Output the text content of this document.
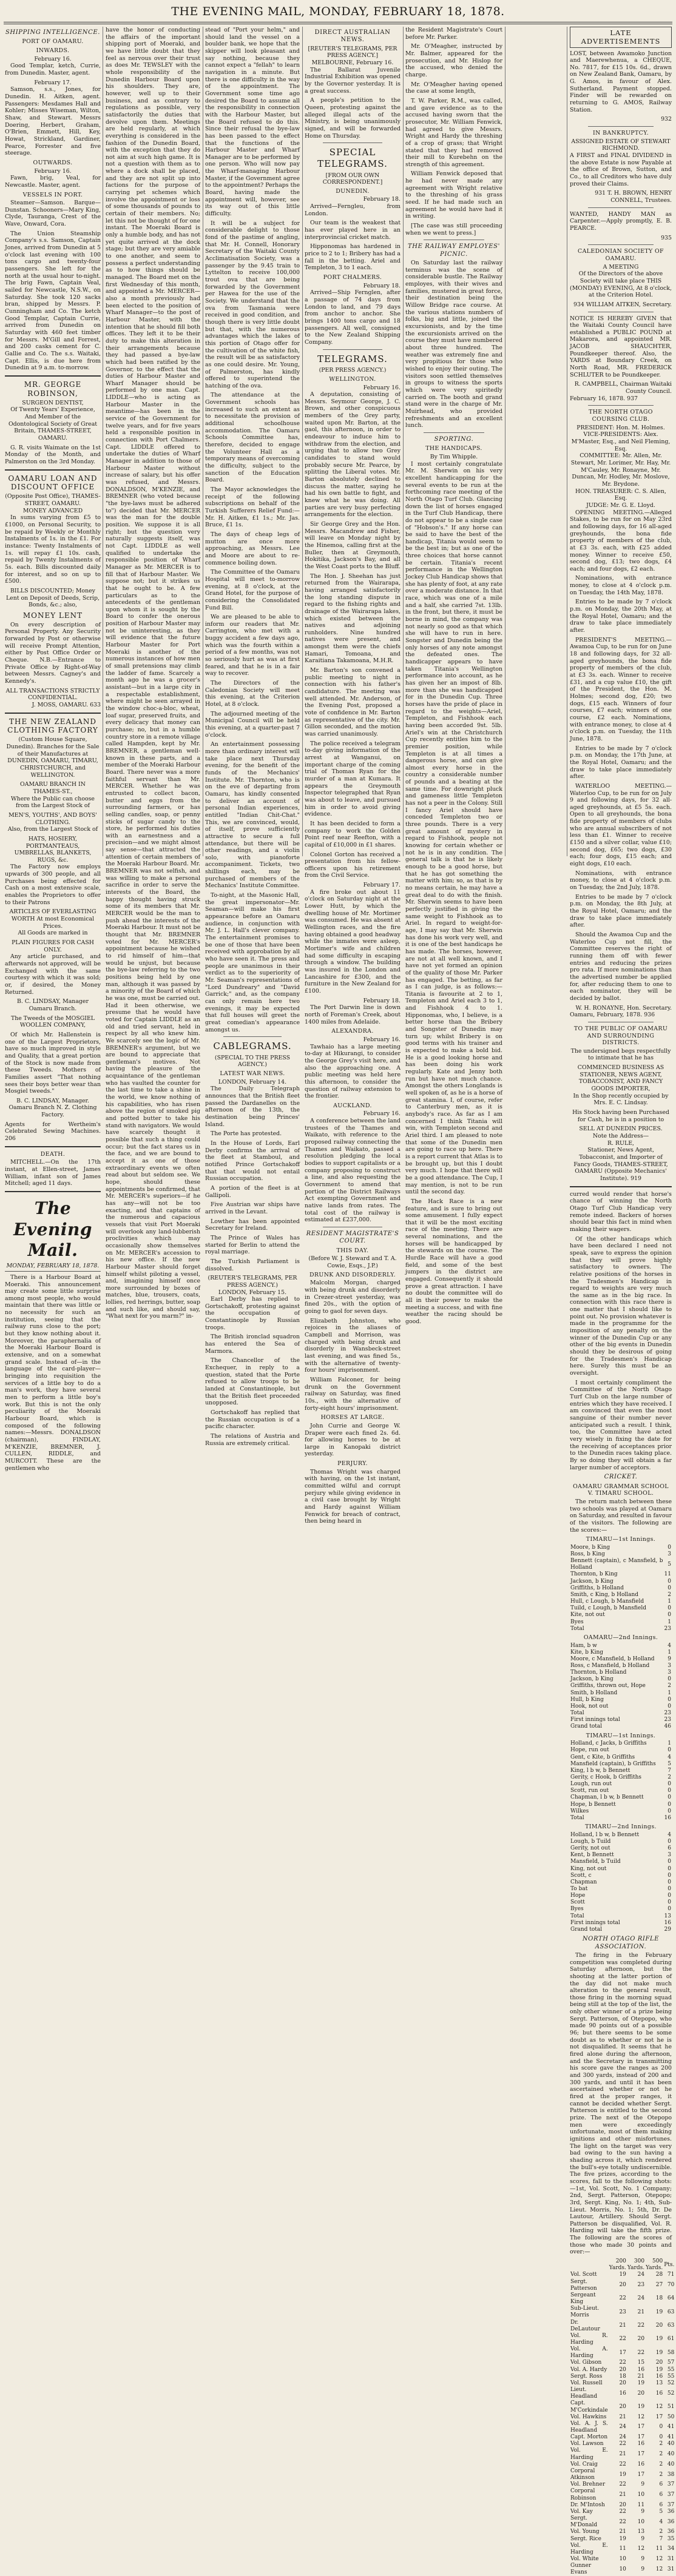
THE EVENING MAIL, MONDAY, FEBRUARY 18, 1878.
SHIPPING INTELLIGENCE.
PORT OF OAMARU.
INWARDS.
February 16.

Good Templar, ketch, Currie, from Dunedin. Master, agent.

February 17.

Samson, s.s., Jones, for Dunedin. H. Aitken, agent. Passengers: Mesdames Hall and Kohler; Misses Wiseman, Wilton, Shaw, and Stewart. Messrs Doering, Herbert, Graham, O'Brien, Emmett, Hill, Key, Howat, Strickland, Gardiner, Pearce, Forrester and five steerage.

OUTWARDS.
February 16.

Fawn, brig, Veal, for Newcastle. Master, agent.

VESSELS IN PORT.

Steamer—Samson. Barque—Dunstan. Schooners—Mary King, Clyde, Tauranga, Crest of the Wave, Onward, Cora.

The Union Steamship Company's s.s. Samson, Captain Jones, arrived from Dunedin at 5 o'clock last evening with 100 tons cargo and twenty-four passengers. She left for the north at the usual hour to-night. The brig Fawn, Captain Veal, sailed for Newcastle, N.S.W., on Saturday. She took 120 sacks bran, shipped by Messrs. P. Cunningham and Co. The ketch Good Templar, Captain Currie, arrived from Dunedin on Saturday with 460 feet timber for Messrs. M'Gill and Forrest, and 200 casks cement for C. Gallie and Co. The s.s. Waitaki, Capt. Ellis, is due here from Dunedin at 9 a.m. to-morrow.

MR. GEORGE ROBINSON,
SURGEON DENTIST,

Of Twenty Years' Experience, And Member of the Odontological Society of Great Britain, THAMES-STREET, OAMARU.

G. R. visits Waimate on the 1st Monday of the Month, and Palmerston on the 3rd Monday.

OAMARU LOAN AND DISCOUNT OFFICE
(Opposite Post Office), THAMES-STREET, OAMARU.
MONEY ADVANCED

In sums varying from £5 to £1000, on Personal Security, to be repaid by Weekly or Monthly Instalments of 1s. in the £1. For instance: Twenty Instalments of 1s. will repay £1 10s. cash, repaid by Twenty Instalments of 5s. each. Bills discounted daily for interest, and so on up to £500.

BILLS DISCOUNTED; Money Lent on Deposit of Deeds, Scrip, Bonds, &c.; also,

MONEY LENT

On every description of Personal Property. Any Security forwarded by Post or otherwise will receive Prompt Attention, either by Post Office Order or Cheque. N.B.—Entrance to Private Office by Right-of-Way between Messrs. Cagney's and Kennedy's.

ALL TRANSACTIONS STRICTLY CONFIDENTIAL.
J. MOSS, OAMARU. 633
THE NEW ZEALAND CLOTHING FACTORY

(Custom House Square, Dunedin). Branches for the Sale of their Manufactures at DUNEDIN, OAMARU, TIMARU, CHRISTCHURCH, and WELLINGTON.

OAMARU BRANCH IN THAMES-ST.,

Where the Public can choose from the Largest Stock of

MEN'S, YOUTHS', AND BOYS' CLOTHING.

Also, from the Largest Stock of

HATS, HOSIERY, PORTMANTEAUS, UMBRELLAS, BLANKETS, RUGS, &c.

The Factory now employs upwards of 300 people, and all Purchases being effected for Cash on a most extensive scale, enables the Proprietors to offer to their Patrons

ARTICLES OF EVERLASTING WORTH At most Economical Prices.

All Goods are marked in

PLAIN FIGURES FOR CASH ONLY.

Any article purchased, and afterwards not approved, will be Exchanged with the same courtesy with which it was sold; or, if desired, the Money Returned.

B. C. LINDSAY, Manager Oamaru Branch.

The Tweeds of the MOSGIEL WOOLLEN COMPANY,

Of which Mr. Hallenstein is one of the Largest Proprietors, have so much improved in style and Quality, that a great portion of the Stock is now made from these Tweeds. Mothers of Families assert "That nothing sees their boys better wear than Mosgiel tweeds."

B. C. LINDSAY, Manager. Oamaru Branch N. Z. Clothing Factory.

Agents for Wertheim's Celebrated Sewing Machines. 206
DEATH.

MITCHELL.—On the 17th instant, at Ellen-street, James William, infant son of James Mitchell; aged 11 days.

The Evening Mail.
MONDAY, FEBRUARY 18, 1878.

There is a Harbour Board at Moeraki. This announcement may create some little surprise among most people, who would maintain that there was little or no necessity for such an institution, seeing that the railway runs close to the port; but they know nothing about it. Moreover, the paraphernalia of the Moeraki Harbour Board is extensive, and on a somewhat grand scale. Instead of—in the language of the card-player—bringing into requisition the services of a little boy to do a man's work, they have several men to perform a little boy's work. But this is not the only peculiarity of the Moeraki Harbour Board, which is composed of the following names:—Messrs. DONALDSON (chairman), FINDLAY, M'KENZIE, BREMNER, J. CULLEN, RIDDLE, and MURCOTT. These are the gentlemen who

have the honor of conducting the affairs of the important shipping port of Moeraki, and we have little doubt that they feel as nervous over their trust as does Mr. TEWSLEY with the whole responsibility of the Dunedin Harbour Board upon his shoulders. They are, however, well up to their business, and as contrary to regulations as possible, very satisfactorily the duties that devolve upon them. Meetings are held regularly, at which everything is considered in the fashion of the Dunedin Board, with the exception that they do not aim at such high game. It is not a question with them as to where a dock shall be placed, and they are not split up into factions for the purpose of carrying pet schemes which involve the appointment or loss of some thousands of pounds to certain of their members. No; let this not be thought of for one instant. The Moeraki Board is only a humble body, and has not yet quite arrived at the dock stage; but they are very amiable to one another, and seem to possess a perfect understanding as to how things should be managed. The Board met on the first Wednesday of this month, and appointed a Mr. MERCER—also a month previously had been elected to the position of Wharf Manager—to the post of Harbour Master, with the intention that he should fill both offices. They left it to be their duty to make this alteration in their arrangements because they had passed a bye-law which had been ratified by the Governor, to the effect that the duties of Harbour Master and Wharf Manager should be performed by one man. Capt. LIDDLE—who is acting as Harbour Master in the meantime—has been in the service of the Government for twelve years, and for five years held a responsible position in connection with Port Chalmers. Capt. LIDDLE offered to undertake the duties of Wharf Manager in addition to those of Harbour Master without increase of salary, but his offer was refused, and Messrs. DONALDSON, M'KENZIE, and BREMNER (who voted because "the bye-laws must be adhered to") decided that Mr. MERCER was the man for the double position. We suppose it is all right; but the question very naturally suggests itself, was not Capt. LIDDLE as well qualified to undertake the responsible position of Wharf Manager as Mr. MERCER is to fill that of Harbour Master. We suppose not; but it strikes us that he ought to be. A few particulars as to the antecedents of the gentleman upon whom it is sought by the Board to confer the onerous position of Harbour Master may not be uninteresting, as they will evidence that the future Harbour Master for Port Moeraki is another of the numerous instances of how men of small pretensions may climb the ladder of fame. Scarcely a month ago he was a grocer's assistant—but in a large city in a respectable establishment, where might be seen arrayed in the window choc-a-bloc, wheat, loaf sugar, preserved fruits, and every delicacy that money can purchase; no, but in a humble country store in a remote village called Hampden, kept by Mr. BREMNER, a gentleman well-known in these parts, and a member of the Moeraki Harbour Board. There never was a more faithful servant than Mr. MERCER. Whether he was entrusted to collect bacon, butter and eggs from the surrounding farmers, or has selling candles, soap, or penny sticks of sugar candy to the store, he performed his duties with an earnestness and a precision—and we might almost say sense—that attracted the attention of certain members of the Moeraki Harbour Board. Mr. BREMNER was not selfish, and was willing to make a personal sacrifice in order to serve the interests of the Board, the happy thought having struck some of its members that Mr. MERCER would be the man to push ahead the interests of the Moeraki Harbour. It must not be thought that Mr. BREMNER voted for Mr. MERCER's appointment because he wished to rid himself of him—that would be unjust, but because the bye-law referring to the two positions being held by one man, although it was passed by a minority of the Board of which he was one, must be carried out. Had it been otherwise, we presume that he would have voted for Captain LIDDLE as an old and tried servant, held in respect by all who knew him. We scarcely see the logic of Mr. BREMNER's argument, but we are bound to appreciate that gentleman's motives. Not having the pleasure of the acquaintance of the gentleman who has vaulted the counter for the last time to take a shine in the world, we know nothing of his capabilities, who has risen above the region of smoked pig and potted butter to take his stand with navigators. We would have scarcely thought it possible that such a thing could occur; but the fact stares us in the face, and we are bound to accept it as one of those extraordinary events we often read about but seldom see. We hope, should these appointments be confirmed, that Mr. MERCER's superiors—if he has any—will not be too exacting, and that captains of the numerous and capacious vessels that visit Port Moeraki will overlook any land-lubberish proclivities which may occasionally show themselves on Mr. MERCER's accession to his new office. If the new Harbour Master should forget himself whilst piloting a vessel, and, imagining himself once more surrounded by boxes of matches, blue, trousers, coats, lollies, red herrings, butter, soap and such like, and should say, "What next for you marm?" in-

stead of "Port your helm," and should land the vessel on a boulder bank, we hope that the skipper will look pleasant and say nothing, because they cannot expect a "fellah" to learn navigation in a minute. But there is one difficulty in the way of the appointment. The Government some time ago desired the Board to assume all the responsibility in connection with the Harbour Master, but the Board refused to do this. Since their refusal the bye-law has been passed to the effect that the functions of the Harbour Master and Wharf Manager are to be performed by one person. Who will now pay the Wharf-managing Harbour Master, if the Government agree to the appointment? Perhaps the Board, having made the appointment will, however, see its way out of this little difficulty.

It will be a subject for considerable delight to those fond of the pastime of angling, that Mr. H. Connell, Honorary Secretary of the Waitaki County Acclimatisation Society, was a passenger by the 9.45 train to Lyttelton to receive 100,000 trout ova that are being forwarded by the Government per Hawea for the use of the Society. We understand that the ova from Tasmania were received in good condition, and though there is very little doubt but that, with the numerous advantages which the lakes of this portion of Otago offer for the cultivation of the white fish, the result will be as satisfactory as one could desire. Mr. Young, of Palmerston, has kindly offered to superintend the hatching of the ova.

The attendance at the Government schools has increased to such an extent as to necessitate the provision of additional schoolhouse accommodation. The Oamaru Schools Committee has, therefore, decided to engage the Volunteer Hall as a temporary means of overcoming the difficulty, subject to the sanction of the Education Board.

The Mayor acknowledges the receipt of the following subscriptions on behalf of the Turkish Sufferers Relief Fund:—Mr. H. Aitken, £1 1s.; Mr. Jas. Bruce, £1 1s.

The days of cheap legs of mutton are once more approaching, as Messrs. Lee and Moore are about to re-commence boiling down.

The Committee of the Oamaru Hospital will meet to-morrow evening, at 8 o'clock, at the Grand Hotel, for the purpose of considering the Consolidated Fund Bill.

We are pleased to be able to inform our readers that Mr. Carrington, who met with a buggy accident a few days ago, which was the fourth within a period of a few months, was not so seriously hurt as was at first feared, and that he is in a fair way to recover.

The Directors of the Caledonian Society will meet this evening, at the Criterion Hotel, at 8 o'clock.

The adjourned meeting of the Municipal Council will be held this evening, at a quarter-past 7 o'clock.

An entertainment possessing more than ordinary interest will take place next Thursday evening, for the benefit of the funds of the Mechanics' Institute. Mr. Thornton, who is on the eve of departing from Oamaru, has kindly consented to deliver an account of personal Indian experiences, entitled "Indian Chit-Chat." This, we are convinced, would, of itself, prove sufficiently attractive to secure a full attendance, but there will be other readings, and a violin solo, with pianoforte accompaniment. Tickets, two shillings each, may be purchased of members of the Mechanics' Institute Committee.

To-night, at the Masonic Hall, the great impersonator—Mr. Seaman—will make his first appearance before an Oamaru audience, in conjunction with Mr. J. L. Hall's clever company. The entertainment promises to be one of those that have been received with approbation by all who have seen it. The press and people are unanimous in their verdict as to the superiority of Mr. Seaman's representations of "Lord Dundreary" and "David Garrick;" and, as the company can only remain here two evenings, it may be expected that full houses will greet the great comedian's appearance amongst us.

CABLEGRAMS.
(SPECIAL TO THE PRESS AGENCY.)
LATEST WAR NEWS.
LONDON, February 14.

The Daily Telegraph announces that the British fleet passed the Dardanelles on the afternoon of the 13th, the destination being Princes' Island.

The Porte has protested.

In the House of Lords, Earl Derby confirms the arrival of the fleet at Stamboul, and notified Prince Gortschakoff that that would not entail Russian occupation.

A portion of the fleet is at Gallipoli.

Five Austrian war ships have arrived in the Levant.

Lowther has been appointed Secretary for Ireland.

The Prince of Wales has started for Berlin to attend the royal marriage.

The Turkish Parliament is dissolved.

(REUTER'S TELEGRAMS, PER PRESS AGENCY.)
LONDON, February 15.

Earl Derby has replied to Gortschakoff, protesting against the occupation of Constantinople by Russian troops.

The British ironclad squadron has entered the Sea of Marmora.

The Chancellor of the Exchequer, in reply to a question, stated that the Porte refused to allow troops to be landed at Constantinople, but that the British fleet proceeded unopposed.

Gortschakoff has replied that the Russian occupation is of a pacific character.

The relations of Austria and Russia are extremely critical.

DIRECT AUSTRALIAN NEWS.
[REUTER'S TELEGRAMS, PER PRESS AGENCY.]
MELBOURNE, February 16.

The Ballarat Juvenile Industrial Exhibition was opened by the Governor yesterday. It is a great success.

A people's petition to the Queen, protesting against the alleged illegal acts of the Ministry, is being unanimously signed, and will be forwarded Home on Thursday.

SPECIAL TELEGRAMS.
[FROM OUR OWN CORRESPONDENT.]
DUNEDIN.
February 18.

Arrived—Ferngleu, from London.

Our team is the weakest that has ever played here in an interprovincial cricket match.

Hipponomas has hardened in price to 2 to 1; Bribery has had a fall in the betting. Ariel and Templeton, 3 to 1 each.

PORT CHALMERS.
February 18.

Arrived—Ship Fernglen, after a passage of 74 days from London to land, and 79 days from anchor to anchor. She brings 1400 tons cargo and 18 passengers. All well, consigned to the New Zealand Shipping Company.

TELEGRAMS.
(PER PRESS AGENCY.)
WELLINGTON.
February 16.

A deputation, consisting of Messrs. Seymour George, J. C. Brown, and other conspicuous members of the Grey party, waited upon Mr. Barton, at the gaol, this afternoon, in order to endeavour to induce him to withdraw from the election, and urging that to allow two Grey candidates to stand would probably secure Mr. Pearce, by splitting the Liberal votes. Mr. Barton absolutely declined to discuss the matter, saying he had his own battle to fight, and knew what he was doing. All parties are very busy perfecting arrangements for the election.

Sir George Grey and the Hon. Messrs. Macandrew and Fisher, will leave on Monday night by the Hinemoa, calling first at the Buller, then at Greymouth, Hokitika, Jackson's Bay, and all the West Coast ports to the Bluff.

The Hon. J. Sheehan has just returned from the Wairarapa, having arranged satisfactorily the long standing dispute in regard to the fishing rights and drainage of the Wairarapa lakes, which existed between the natives and adjoining runholders. Nine hundred natives were present, and amongst them were the chiefs Hamari, Tomoana, and Karaitiana Takamoana, M.H.R.

Mr. Barton's son convened a public meeting to night in connection with his father's candidature. The meeting was well attended. Mr. Anderson, of the Evening Post, proposed a vote of confidence in Mr. Barton as representative of the city. Mr. Gillon seconded, and the motion was carried unanimously.

The police received a telegram to-day giving information of the arrest at Wanganui, on important charge of the coming trial of Thomas Ryan for the murder of a man at Kumara. It appears the Greymouth Inspector telegraphed that Ryan was about to leave, and pursued him in order to avoid giving evidence.

It has been decided to form a company to work the Golden Point reef near Reefton, with a capital of £10,000 in £1 shares.

Colonel Gorton has received a presentation from his fellow-officers upon his retirement from the Civil Service.

February 17.

A fire broke out about 11 o'clock on Saturday night at the Lower Hutt, by which the dwelling house of Mr. Mortimer was consumed. He was absent at Wellington races, and the fire having obtained a good headway while the inmates were asleep, Mortimer's wife and children had some difficulty in escaping through a window. The building was insured in the London and Lancashire for £300, and the furniture in the New Zealand for £100.

February 18.

The Port Darwin line is down north of Foreman's Creek, about 1400 miles from Adelaide.

ALEXANDRA.
February 16.

Tawhaio has a large meeting to-day at Hikurangi, to consider the George Grey's visit here, and also the approaching one. A public meeting was held here this afternoon, to consider the question of railway extension to the frontier.

AUCKLAND.
February 16.

A conference between the land trustees of the Thames and Waikato, with reference to the proposed railway connecting the Thames and Waikato, passed a resolution pledging the local bodies to support capitalists or a company proposing to construct a line, and also requesting the Government to amend that portion of the District Railways Act exempting Government and native lands from rates. The total cost of the railway is estimated at £237,000.

RESIDENT MAGISTRATE'S COURT.
THIS DAY.
(Before W. J. Steward and T. A. Cowie, Esqs., J.P.)
DRUNK AND DISORDERLY.

Malcolm Morgan, charged with being drunk and disorderly in Crezer-street yesterday, was fined 20s., with the option of going to gaol for seven days.

Elizabeth Johnston, who rejoices in the aliases of Campbell and Morrison, was charged with being drunk and disorderly in Wansbeck-street last evening, and was fined 5s., with the alternative of twenty-four hours' imprisonment.

William Falconer, for being drunk on the Government railway on Saturday, was fined 10s., with the alternative of forty-eight hours' imprisonment.

HORSES AT LARGE.

John Currie and George W. Draper were each fined 2s. 6d. for allowing horses to be at large in Kanopaki district yesterday.

PERJURY.

Thomas Wright was charged with having, on the 1st instant, committed wilful and corrupt perjury while giving evidence in a civil case brought by Wright and Hardy against William Fenwick for breach of contract, then being heard in

the Resident Magistrate's Court before Mr. Parker.

Mr. O'Meagher, instructed by Mr. Balmer, appeared for the prosecution, and Mr. Hislop for the accused, who denied the charge.

Mr. O'Meagher having opened the case at some length,

T. W. Parker, R.M., was called, and gave evidence as to the accused having sworn that the prosecutor, Mr. William Fenwick, had agreed to give Messrs. Wright and Hardy the threshing of a crop of grass; that Wright stated that they had removed their mill to Kurebehn on the strength of this agreement.

William Fenwick deposed that he had never made any agreement with Wright relative to the threshing of his grass seed. If he had made such an agreement he would have had it in writing.

[The case was still proceeding when we went to press.]

THE RAILWAY EMPLOYES' PICNIC.

On Saturday last the railway terminus was the scene of considerable bustle. The Railway employes, with their wives and families, mustered in great force, their destination being the Willow Bridge race course. At the various stations numbers of folks, big and little, joined the excursionists, and by the time the excursionists arrived on the course they must have numbered about three hundred. The weather was extremely fine and very propitious for those who wished to enjoy their outing. The visitors soon settled themselves in groups to witness the sports which were very spiritedly carried on. The booth and grand stand were in the charge of Mr. Muirhead, who provided refreshments and an excellent lunch.

SPORTING.
THE HANDICAPS.
By Tim Whipple.

I most certainly congratulate Mr. M. Sherwin on his very excellent handicapping for the several events to be run at the forthcoming race meeting of the North Otago Turf Club. Glancing down the list of horses engaged in the Turf Club Handicap, there do not appear to be a single case of "Hobson's." If any horse can be said to have the best of the handicap, Titania would seem to be the best in; but as one of the three choices that horse cannot be certain. Titania's recent performance in the Wellington Jockey Club Handicap shows that she has plenty of foot, at any rate over a moderate distance. In that race, which was one of a mile and a half, she carried 7st. 13lb. in the front, but there, it must be borne in mind, the company was not nearly so good as that which she will have to run in here. Songster and Dunedin being the only horses of any note amongst the defeated ones. The handicapper appears to have taken Titania's Wellington performance into account, as he has given her an impost of 8lb. more than she was handicapped for in the Dunedin Cup. Three horses have the pride of place in regard to the weights—Ariel, Templeton, and Fishhook each having been accorded 9st. 5lb. Ariel's win at the Christchurch Cup recently entitles him to the premier position, while Templeton is at all times a dangerous horse, and can give almost every horse in the country a considerable number of pounds and a beating at the same time. For downright pluck and gameness little Templeton has not a peer in the Colony. Still I fancy Ariel should have conceded Templeton two or three pounds. There is a very great amount of mystery in regard to Fishhook, people not knowing for certain whether or not he is in any condition. The general talk is that he is likely enough to be a good horse, but that he has got something the matter with him; so, as that is by no means certain, he may have a great deal to do with the finish. Mr. Sherwin seems to have been perfectly justified in giving the same weight to Fishhook as to Ariel. In regard to weight-for-age, I may say that Mr. Sherwin has done his work very well, and it is one of the best handicaps he has made. The horses, however, are not at all well known, and I have not yet formed an opinion of the quality of those Mr. Parker has engaged. The betting, as far as I can judge, is as follows:—Titania is favourite at 2 to 1, Templeton and Ariel each 3 to 1, and Fishhook 4 to 1. Hipponomas, who, I believe, is a better horse than the Bribery and Songster of Dunedin may turn up; whilst Bribery is on good terms with his trainer and is expected to make a bold bid. He is a good looking horse and has been doing his work regularly. Kate and Jenny both run but have not much chance. Amongst the others Longlands is well spoken of, as he is a horse of great stamina. I, of course, refer to Canterbury men, as it is anybody's race. As far as I am concerned I think Titania will win, with Templeton second and Ariel third. I am pleased to note that some of the Dunedin men are going to race up here. There is a report current that Atlas is to be brought up, but this I doubt very much. I hope that there will be a good attendance. The Cup, I may mention, is not to be run until the second day.

The Hack Race is a new feature, and is sure to bring out some amusement. I fully expect that it will be the most exciting race of the meeting. There are several nominations, and the horses will be handicapped by the stewards on the course. The Hurdle Race will have a good field, and some of the best jumpers in the district are engaged. Consequently it should prove a great attraction. I have no doubt the committee will do all in their power to make the meeting a success, and with fine weather the racing should be good.

LATE ADVERTISEMENTS

LOST, between Awamoko Junction and Maerewhenua, a CHEQUE, No. 7817, for £15 10s. 6d., drawn on New Zealand Bank, Oamaru, by G. Amos, in favour of Alex. Sutherland. Payment stopped. Finder will be rewarded on returning to G. AMOS, Railway Station.

932
IN BANKRUPTCY.
ASSIGNED ESTATE OF STEWART RICHMOND.

A FIRST and FINAL DIVIDEND in the above Estate is now Payable at the office of Brown, Sutton, and Co., to all Creditors who have duly proved their Claims.

931 T. H. BROWN, HENRY CONNELL, Trustees.

WANTED, HANDY MAN as Carpenter.—Apply promptly, E. B. PEARCE.

935
CALEDONIAN SOCIETY OF OAMARU.
A MEETING

Of the Directors of the above Society will take place THIS (MONDAY) EVENING, At 8 o'clock, at the Criterion Hotel.

934 WILLIAM AITKEN, Secretary.

NOTICE IS HEREBY GIVEN that the Waitaki County Council have established a PUBLIC POUND at Makarora, and appointed MR. JACOB SHAUCHTER, Poundkeeper thereof. Also, the YARDS at Boundary Creek, on North Road, MR. FREDERICK SCHLUTER to be Poundkeeper.

R. CAMPBELL, Chairman Waitaki County Council.
February 16, 1878. 937
THE NORTH OTAGO COURSING CLUB.
PRESIDENT: Hon. M. Holmes.
VICE-PRESIDENTS: Alex. M'Master, Esq., and Neil Fleming, Esq.
COMMITTEE: Mr. Allen, Mr. Stewart, Mr. Lorimer, Mr. Hay, Mr. M'Cauley, Mr. Ronayne, Mr. Duncan, Mr. Hodley, Mr. Moslove, Mr. Brydone.
HON. TREASURER: C. S. Allen, Esq.
JUDGE: Mr. G. E. Lloyd.

OPENING MEETING.—Alleged Stakes, to be run for on May 23rd and following days, for 16 all-aged greyhounds, the bona fide property of members of the club, at £3 3s. each, with £25 added money. Winner to receive £50, second dog, £13; two dogs, £4 each; and four dogs, £2 each.

Nominations, with entrance money, to close at 4 o'clock p.m. on Tuesday, the 14th May, 1878.

Entries to be made by 7 o'clock p.m. on Monday, the 20th May, at the Royal Hotel, Oamaru; and the draw to take place immediately after.

PRESIDENT'S MEETING.—Awamoa Cup, to be run for on June 18 and following days, for 32 all-aged greyhounds, the bona fide property of members of the club, at £3 3s. each. Winner to receive £31, and a cup value £10, the gift of the President, the Hon. M. Holmes; second dog, £20; two dogs, £15 each. Winners of four courses, £7 each; winners of one course, £2 each. Nominations, with entrance money, to close at 4 o'clock p.m. on Tuesday, the 11th June, 1878.

Entries to be made by 7 o'clock p.m. on Monday, the 17th June, at the Royal Hotel, Oamaru; and the draw to take place immediately after.

WATERLOO MEETING.—Waterloo Cup, to be run for on July 9 and following days, for 32 all-aged greyhounds, at £5 5s. each. Open to all greyhounds, the bona fide property of members of clubs who are annual subscribers of not less than £1. Winner to receive £150 and a silver collar, value £10; second dog, £65; two dogs, £30 each; four dogs, £15 each; and eight dogs, £10 each.

Nominations, with entrance money, to close at 4 o'clock p.m. on Tuesday, the 2nd July, 1878.

Entries to be made by 7 o'clock p.m. on Monday, the 8th July, at the Royal Hotel, Oamaru; and the draw to take place immediately after.

Should the Awamoa Cup and the Waterloo Cup not fill, the Committee reserves the right of running them off with fewer entries and reducing the prizes pro rata. If more nominations than the advertised number be applied for, after reducing them to one to each nominator, they will be decided by ballot.

W. H. RONAYNE, Hon. Secretary.
Oamaru, February, 1878. 936
TO THE PUBLIC OF OAMARU AND SURROUNDING DISTRICTS.

The undersigned begs respectfully to intimate that he has

COMMENCED BUSINESS AS
STATIONER, NEWS AGENT, TOBACCONIST, AND FANCY GOODS IMPORTER,

In the Shop recently occupied by Mrs. E. C. Lindsay.

His Stock having been Purchased for Cash, he is in a position to

SELL AT DUNEDIN PRICES.
Note the Address—
R. RULE,
Stationer, News Agent, Tobacconist, and Importer of Fancy Goods, THAMES-STREET, OAMARU (Opposite Mechanics' Institute). 919

curred would render that horse's chance of winning the North Otago Turf Club Handicap very remote indeed. Backers of horses should bear this fact in mind when making their wagers.

Of the other handicaps which have been declared I need not speak, save to express the opinion that they will prove highly satisfactory to owners. The relative positions of the horses in the Tradesmen's Handicap in regard to weights are very much the same as in the big race. In connection with this race there is one matter that I should like to point out. No provision whatever is made in the programme for the imposition of any penalty on the winner of the Dunedin Cup or any other of the big events in Dunedin should they be desirous of going for the Tradesmen's Handicap here. Surely this must be an oversight.

I most certainly compliment the Committee of the North Otago Turf Club on the large number of entries which they have received. I am convinced that even the most sanguine of their number never anticipated such a result. I think, too, the Committee have acted very wisely in fixing the date for the receiving of acceptances prior to the Dunedin races taking place. By so doing they will obtain a far larger number of acceptors.

CRICKET.
OAMARU GRAMMAR SCHOOL V. TIMARU SCHOOL.

The return match between these two schools was played at Oamaru on Saturday, and resulted in favour of the visitors. The following are the scores:—

TIMARU—1st Innings.
Moore, b King	0
Ross, b King	3
Bennett (captain), c Mansfield, b Holland	5
Thornton, b King	11
Jackson, b King	0
Griffiths, b Holland	0
Smith, c King, b Holland	2
Hull, c Lough, b Mansfield	1
Tuild, c Lough, b Mansfield	0
Kite, not out	0
Byes	1
Total	23
OAMARU—2nd Innings.
Ham, b w	4
Kite, b King	1
Moore, c Mansfield, b Holland	9
Ross, c Mansfield, b Holland	3
Thornton, b Holland	3
Jackson, b King	0
Griffiths, thrown out, Hope	2
Smith, b Holland	1
Hull, b King	0
Hook, not out	0
Total	23
First innings total	23
Grand total	46
TIMARU—1st Innings.
Holland, c Jacks, b Griffiths	1
Hope, run out	0
Gent, c Kite, b Griffiths	4
Mansfield (captain), b Griffiths	5
King, l b w, b Bennett	7
Gerity, c Hook, b Griffiths	2
Lough, run out	0
Scott, run out	0
Chapman, l b w, b Bennett	0
Hope, b Bennett	0
Wilkes	0
Total	16
TIMARU—2nd Innings.
Holland, l b w, b Bennett	4
Lough, b Tuild	0
Gerity, not out	6
Kent, b Bennett	3
Mansfield, b Tuild	0
King, not out	0
Scott, c	0
Chapman	0
To bat	0
Hope	0
Scott	0
Byes	0
Total	13
First innings total	16
Grand total	29
NORTH OTAGO RIFLE ASSOCIATION.

The firing in the February competition was completed during Saturday afternoon, but the shooting at the latter portion of the day did not make much alteration to the general result, those firing in the morning squad being still at the top of the list, the only other winner of a prize being Sergt. Patterson, of Otepopo, who made 90 points out of a possible 96; but there seems to be some doubt as to whether or not he is not disqualified. It seems that he fired alone during the afternoon, and the Secretary in transmitting his score gave the ranges as 200 and 300 yards, instead of 200 and 300 yards, and until it has been ascertained whether or not he fired at the proper ranges, it cannot be decided whether Sergt. Patterson is entitled to the second prize. The next of the Otepopo men were exceedingly unfortunate, most of them making ignitions and other misfortunes. The light on the target was very bad owing to the sun having a shading across it, which rendered the bull's-eye totally undiscernible. The five prizes, according to the scores, fall to the following shots:—1st, Vol. Scott, No. 1 Company; 2nd, Sergt. Patterson, Otepopo; 3rd, Sergt. King, No. 1; 4th, Sub-Lieut. Morris, No. 1; 5th, Dr. De Lautour, Artillery. Should Sergt. Patterson be disqualified, Vol. R. Harding will take the fifth prize. The following are the scores of those who made 30 points and over:—

	200 Yards.	300 Yards.	500 Yards.	Pts.
Vol. Scott	19	24	28	71
Sergt. Patterson	20	23	27	70
Sergeant King	22	24	18	64
Sub-Lieut. Morris	23	21	19	63
Dr. DeLautour	21	22	20	63
Vol. R. Harding	22	20	19	61
Vol. A. Harding	17	22	19	58
Vol. Gibson	22	15	20	57
Vol. A. Hardy	20	16	19	55
Sergt. Ross	18	21	16	55
Vol. Russell	20	19	13	52
Lieut. Headland	16	20	16	52
Capt. M'Corkindale	20	19	12	51
Vol. Hawkins	21	12	17	50
Vol. A. J. S. Headland	24	17	0	41
Capt. Morton	24	17	0	41
Vol. Lawson	22	16	2	40
Vol. E. Harding	21	17	2	40
Vol. Craig	22	16	2	40
Corporal Atkinson	19	17	2	38
Vol. Brehner	22	9	6	37
Corporal Robinson	21	10	6	37
Dr. M'Intosh	20	11	6	37
Vol. Kay	22	9	5	36
Sergt. M'Donald	22	10	4	36
Vol. Young	21	13	2	36
Sergt. Rice	19	9	7	35
Vol. E. Harding	11	12	11	34
Vol. White	10	9	12	31
Gunner Evans	10	9	12	31
